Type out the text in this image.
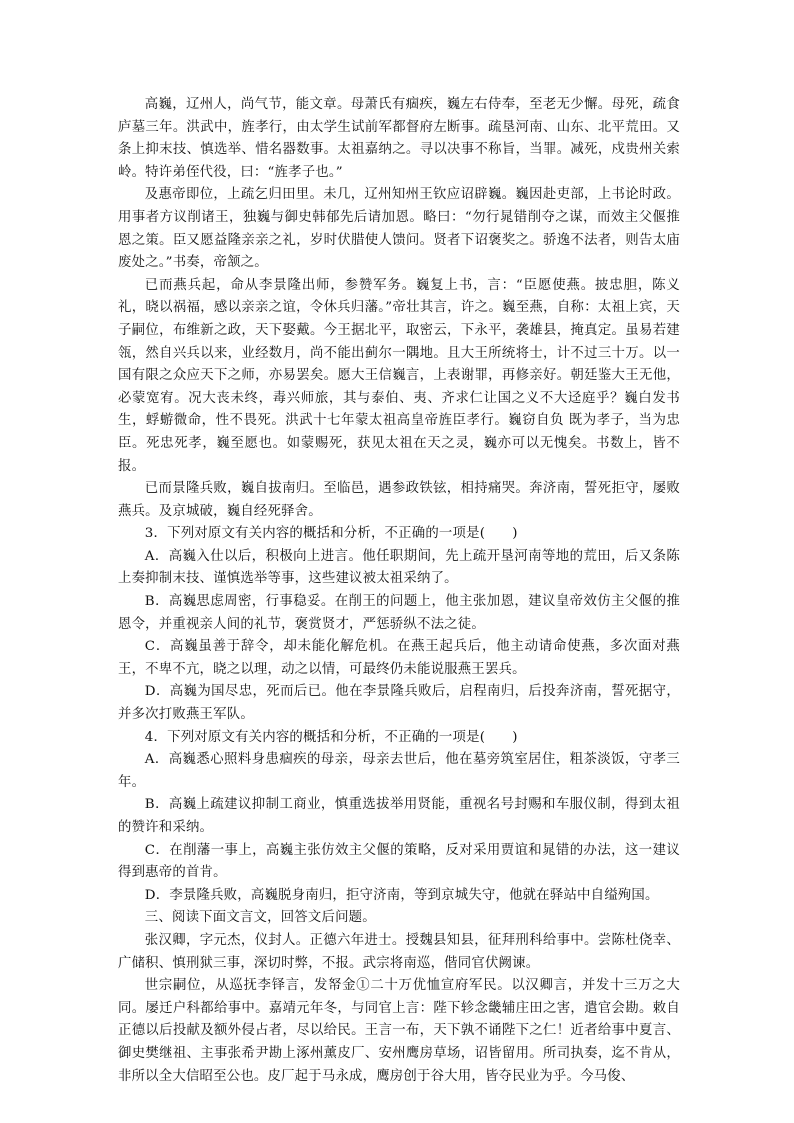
高巍，辽州人，尚气节，能文章。母萧氏有痼疾，巍左右侍奉，至老无少懈。母死，疏食庐墓三年。洪武中，旌孝行，由太学生试前军都督府左断事。疏垦河南、山东、北平荒田。又条上抑末技、慎选举、惜名器数事。太祖嘉纳之。寻以决事不称旨，当罪。减死，戍贵州关索岭。特许弟侄代役，曰：“旌孝子也。”

及惠帝即位，上疏乞归田里。未几，辽州知州王钦应诏辟巍。巍因赴吏部，上书论时政。用事者方议削诸王，独巍与御史韩郁先后请加恩。略曰：“勿行晁错削夺之谋，而效主父偃推恩之策。臣又愿益隆亲亲之礼，岁时伏腊使人馈问。贤者下诏褒奖之。骄逸不法者，则告太庙废处之。”书奏，帝颔之。

已而燕兵起，命从李景隆出师，参赞军务。巍复上书，言：“臣愿使燕。披忠胆，陈义礼，晓以祸福，感以亲亲之谊，令休兵归藩。”帝壮其言，许之。巍至燕，自称：太祖上宾，天子嗣位，布维新之政，天下娶戴。今王据北平，取密云，下永平，袭雄县，掩真定。虽易若建瓴，然自兴兵以来，业经数月，尚不能出蓟尔一隅地。且大王所统将士，计不过三十万。以一国有限之众应天下之师，亦易罢矣。愿大王信巍言，上表谢罪，再修亲好。朝廷鉴大王无他，必蒙宽宥。况大丧未终，毒兴师旅，其与泰伯、夷、齐求仁让国之义不大迳庭乎？巍白发书生，蜉蝣微命，性不畏死。洪武十七年蒙太祖高皇帝旌臣孝行。巍窃自负 既为孝子，当为忠臣。死忠死孝，巍至愿也。如蒙赐死，获见太祖在天之灵，巍亦可以无愧矣。书数上，皆不报。

已而景隆兵败，巍自拔南归。至临邑，遇参政铁铉，相持痛哭。奔济南，誓死拒守，屡败燕兵。及京城破，巍自经死驿舍。

3．下列对原文有关内容的概括和分析，不正确的一项是(　　)

A．高巍入仕以后，积极向上进言。他任职期间，先上疏开垦河南等地的荒田，后又条陈上奏抑制末技、谨慎选举等事，这些建议被太祖采纳了。

B．高巍思虑周密，行事稳妥。在削王的问题上，他主张加恩，建议皇帝效仿主父偃的推恩令，并重视亲人间的礼节，褒赏贤才，严惩骄纵不法之徒。

C．高巍虽善于辞令，却未能化解危机。在燕王起兵后，他主动请命使燕，多次面对燕王，不卑不亢，晓之以理，动之以情，可最终仍未能说服燕王罢兵。

D．高巍为国尽忠，死而后已。他在李景隆兵败后，启程南归，后投奔济南，誓死据守，并多次打败燕王军队。

4．下列对原文有关内容的概括和分析，不正确的一项是(　　)

A．高巍悉心照料身患痼疾的母亲，母亲去世后，他在墓旁筑室居住，粗茶淡饭，守孝三年。

B．高巍上疏建议抑制工商业，慎重选拔举用贤能，重视名号封赐和车服仪制，得到太祖的赞许和采纳。

C．在削藩一事上，高巍主张仿效主父偃的策略，反对采用贾谊和晁错的办法，这一建议得到惠帝的首肯。

D．李景隆兵败，高巍脱身南归，拒守济南，等到京城失守，他就在驿站中自缢殉国。

三、阅读下面文言文，回答文后问题。

张汉卿，字元杰，仪封人。正德六年进士。授魏县知县，征拜刑科给事中。尝陈杜侥幸、广储积、慎刑狱三事，深切时弊，不报。武宗将南巡，偕同官伏阙谏。

世宗嗣位，从巡抚李铎言，发帑金①二十万优恤宣府军民。以汉卿言，并发十三万之大同。屡迁户科都给事中。嘉靖元年冬，与同官上言：陛下轸念畿辅庄田之害，遣官会勘。敕自正德以后投献及额外侵占者，尽以给民。王言一布，天下孰不诵陛下之仁！近者给事中夏言、御史樊继祖、主事张希尹勘上涿州薰皮厂、安州鹰房草场，诏皆留用。所司执奏，迄不肯从，非所以全大信昭至公也。皮厂起于马永成，鹰房创于谷大用，皆夺民业为乎。今马俊、
